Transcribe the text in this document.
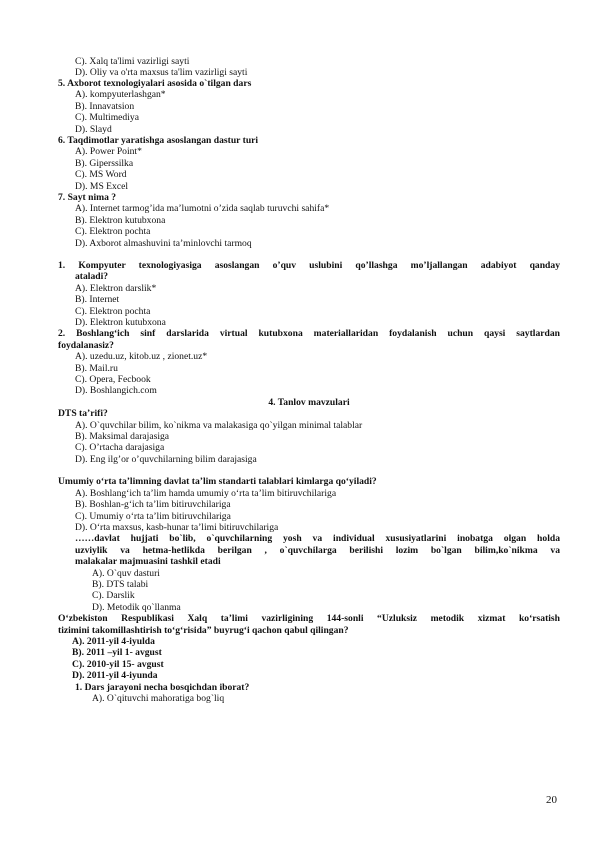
C). Xalq ta'limi vazirligi sayti
D). Oliy va o'rta maxsus ta'lim vazirligi sayti
5. Axborot texnologiyalari asosida o`tilgan dars
A). kompyuterlashgan*
B). Innavatsion
C). Multimediya
D). Slayd
6. Taqdimotlar yaratishga asoslangan dastur turi
A). Power Point*
B). Giperssilka
C). MS Word
D). MS Excel
7. Sayt nima ?
A). Internet tarmog’ida ma’lumotni o’zida saqlab turuvchi sahifa*
B). Elektron kutubxona
C). Elektron pochta
D). Axborot almashuvini ta’minlovchi tarmoq
1. Kompyuter texnologiyasiga asoslangan o’quv uslubini qo’llashga mo’ljallangan adabiyot qanday
ataladi?
A). Elektron darslik*
B). Internet
C). Elektron pochta
D). Elektron kutubxona
2. Boshlang‘ich sinf darslarida virtual kutubxona materiallaridan foydalanish uchun qaysi saytlardan
foydalanasiz?
A). uzedu.uz, kitob.uz , zionet.uz*
B). Mail.ru
C). Opera, Fecbook
D). Boshlangich.com
4. Tanlov mavzulari
DTS ta’rifi?
A). O`quvchilar bilim, ko`nikma va malakasiga qo`yilgan minimal talablar
B). Maksimal darajasiga
C). O’rtacha darajasiga
D). Eng ilg’or o’quvchilarning bilim darajasiga
Umumiy o‘rta ta’limning davlat ta’lim standarti talablari kimlarga qo‘yiladi?
A). Boshlang‘ich ta’lim hamda umumiy o‘rta ta’lim bitiruvchilariga
B). Boshlan-g‘ich ta’lim bitiruvchilariga
C). Umumiy o‘rta ta’lim bitiruvchilariga
D). O‘rta maxsus, kasb-hunar ta’limi bitiruvchilariga
……davlat hujjati bo`lib, o`quvchilarning yosh va individual xususiyatlarini inobatga olgan holda
uzviylik va hetma-hetlikda berilgan , o`quvchilarga berilishi lozim bo`lgan bilim,ko`nikma va
malakalar majmuasini tashkil etadi
A). O`quv dasturi
B). DTS talabi
C). Darslik
D). Metodik qo`llanma
O‘zbekiston Respublikasi Xalq ta’limi vazirligining 144-sonli “Uzluksiz metodik xizmat ko‘rsatish
tizimini takomillashtirish to‘g‘risida” buyrug‘i qachon qabul qilingan?
A). 2011-yil 4-iyulda
B). 2011 –yil 1- avgust
C). 2010-yil 15- avgust
D). 2011-yil 4-iyunda
1. Dars jarayoni necha bosqichdan iborat?
A). O`qituvchi mahoratiga bog`liq
20
